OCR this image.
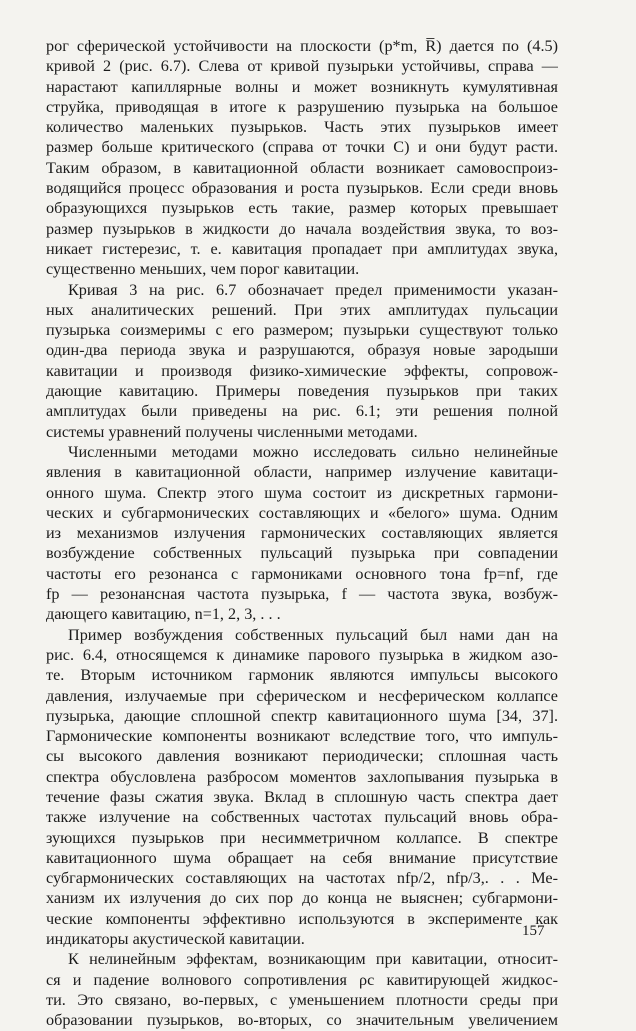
рог сферической устойчивости на плоскости (p*m, R̅) дается по (4.5)
кривой 2 (рис. 6.7). Слева от кривой пузырьки устойчивы, справа —
нарастают капиллярные волны и может возникнуть кумулятивная
струйка, приводящая в итоге к разрушению пузырька на большое
количество маленьких пузырьков. Часть этих пузырьков имеет
размер больше критического (справа от точки C) и они будут расти.
Таким образом, в кавитационной области возникает самовоспроиз-
водящийся процесс образования и роста пузырьков. Если среди вновь
образующихся пузырьков есть такие, размер которых превышает
размер пузырьков в жидкости до начала воздействия звука, то воз-
никает гистерезис, т. е. кавитация пропадает при амплитудах звука,
существенно меньших, чем порог кавитации.
Кривая 3 на рис. 6.7 обозначает предел применимости указан-
ных аналитических решений. При этих амплитудах пульсации
пузырька соизмеримы с его размером; пузырьки существуют только
один-два периода звука и разрушаются, образуя новые зародыши
кавитации и производя физико-химические эффекты, сопровож-
дающие кавитацию. Примеры поведения пузырьков при таких
амплитудах были приведены на рис. 6.1; эти решения полной
системы уравнений получены численными методами.
Численными методами можно исследовать сильно нелинейные
явления в кавитационной области, например излучение кавитаци-
онного шума. Спектр этого шума состоит из дискретных гармони-
ческих и субгармонических составляющих и «белого» шума. Одним
из механизмов излучения гармонических составляющих является
возбуждение собственных пульсаций пузырька при совпадении
частоты его резонанса с гармониками основного тона fр=nf, где
fр — резонансная частота пузырька, f — частота звука, возбуж-
дающего кавитацию, n=1, 2, 3, . . .
Пример возбуждения собственных пульсаций был нами дан на
рис. 6.4, относящемся к динамике парового пузырька в жидком азо-
те. Вторым источником гармоник являются импульсы высокого
давления, излучаемые при сферическом и несферическом коллапсе
пузырька, дающие сплошной спектр кавитационного шума [34, 37].
Гармонические компоненты возникают вследствие того, что импуль-
сы высокого давления возникают периодически; сплошная часть
спектра обусловлена разбросом моментов захлопывания пузырька в
течение фазы сжатия звука. Вклад в сплошную часть спектра дает
также излучение на собственных частотах пульсаций вновь обра-
зующихся пузырьков при несимметричном коллапсе. В спектре
кавитационного шума обращает на себя внимание присутствие
субгармонических составляющих на частотах nfр/2, nfр/3,. . . Ме-
ханизм их излучения до сих пор до конца не выяснен; субгармони-
ческие компоненты эффективно используются в эксперименте как
индикаторы акустической кавитации.
К нелинейным эффектам, возникающим при кавитации, относит-
ся и падение волнового сопротивления ρc кавитирующей жидкос-
ти. Это связано, во-первых, с уменьшением плотности среды при
образовании пузырьков, во-вторых, со значительным увеличением
157
